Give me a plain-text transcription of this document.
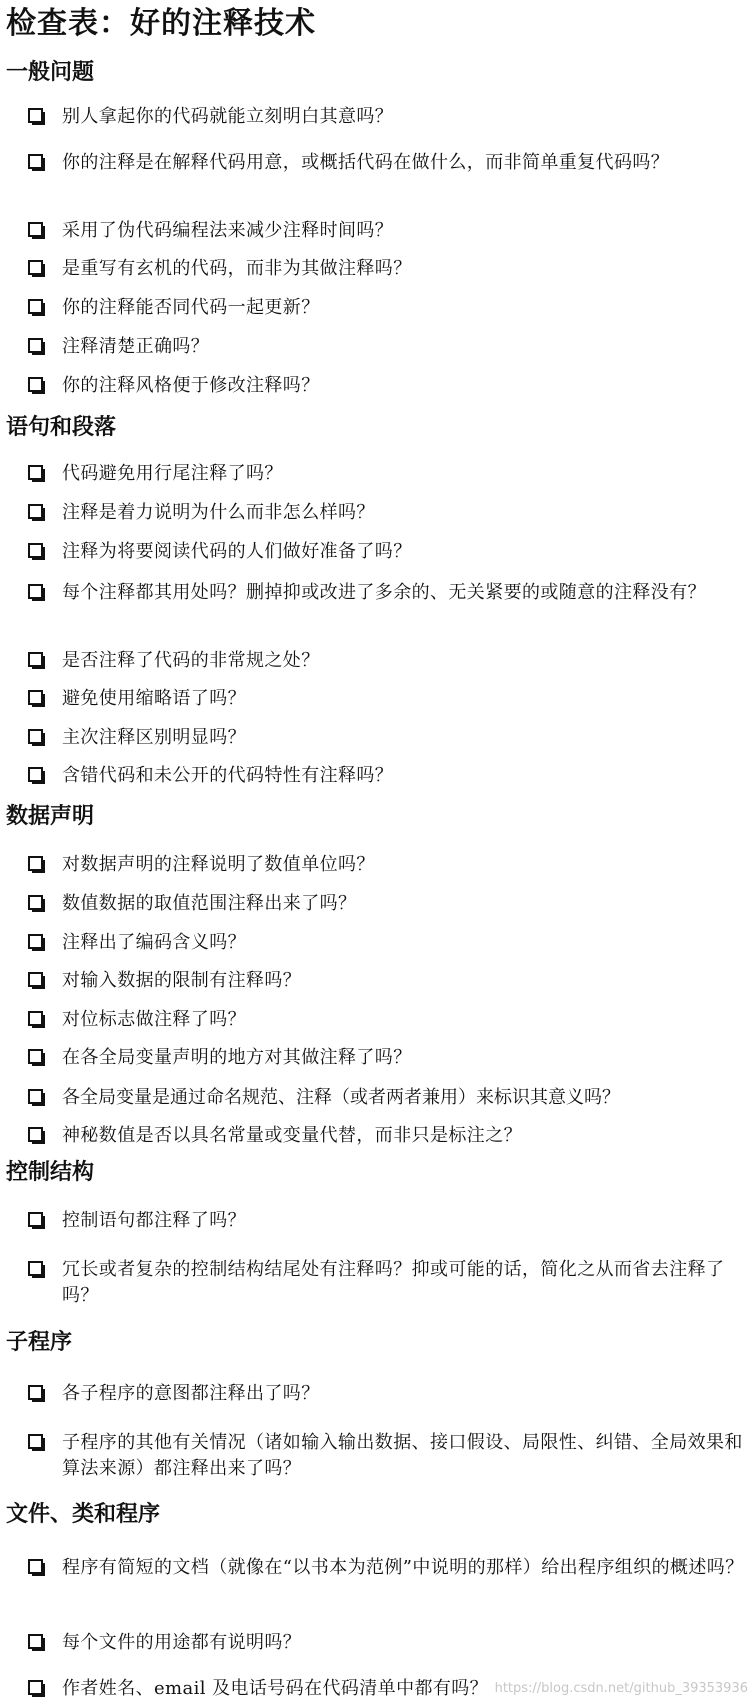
检查表：好的注释技术
一般问题
别人拿起你的代码就能立刻明白其意吗？
你的注释是在解释代码用意，或概括代码在做什么，而非简单重复代码吗？
采用了伪代码编程法来减少注释时间吗？
是重写有玄机的代码，而非为其做注释吗？
你的注释能否同代码一起更新？
注释清楚正确吗？
你的注释风格便于修改注释吗？
语句和段落
代码避免用行尾注释了吗？
注释是着力说明为什么而非怎么样吗？
注释为将要阅读代码的人们做好准备了吗？
每个注释都其用处吗？删掉抑或改进了多余的、无关紧要的或随意的注释没有？
是否注释了代码的非常规之处？
避免使用缩略语了吗？
主次注释区别明显吗？
含错代码和未公开的代码特性有注释吗？
数据声明
对数据声明的注释说明了数值单位吗？
数值数据的取值范围注释出来了吗？
注释出了编码含义吗？
对输入数据的限制有注释吗？
对位标志做注释了吗？
在各全局变量声明的地方对其做注释了吗？
各全局变量是通过命名规范、注释（或者两者兼用）来标识其意义吗？
神秘数值是否以具名常量或变量代替，而非只是标注之？
控制结构
控制语句都注释了吗？
冗长或者复杂的控制结构结尾处有注释吗？抑或可能的话，简化之从而省去注释了吗？
子程序
各子程序的意图都注释出了吗？
子程序的其他有关情况（诸如输入输出数据、接口假设、局限性、纠错、全局效果和算法来源）都注释出来了吗？
文件、类和程序
程序有简短的文档（就像在“以书本为范例”中说明的那样）给出程序组织的概述吗？
每个文件的用途都有说明吗？
作者姓名、email 及电话号码在代码清单中都有吗？ https://blog.csdn.net/github_39353936
